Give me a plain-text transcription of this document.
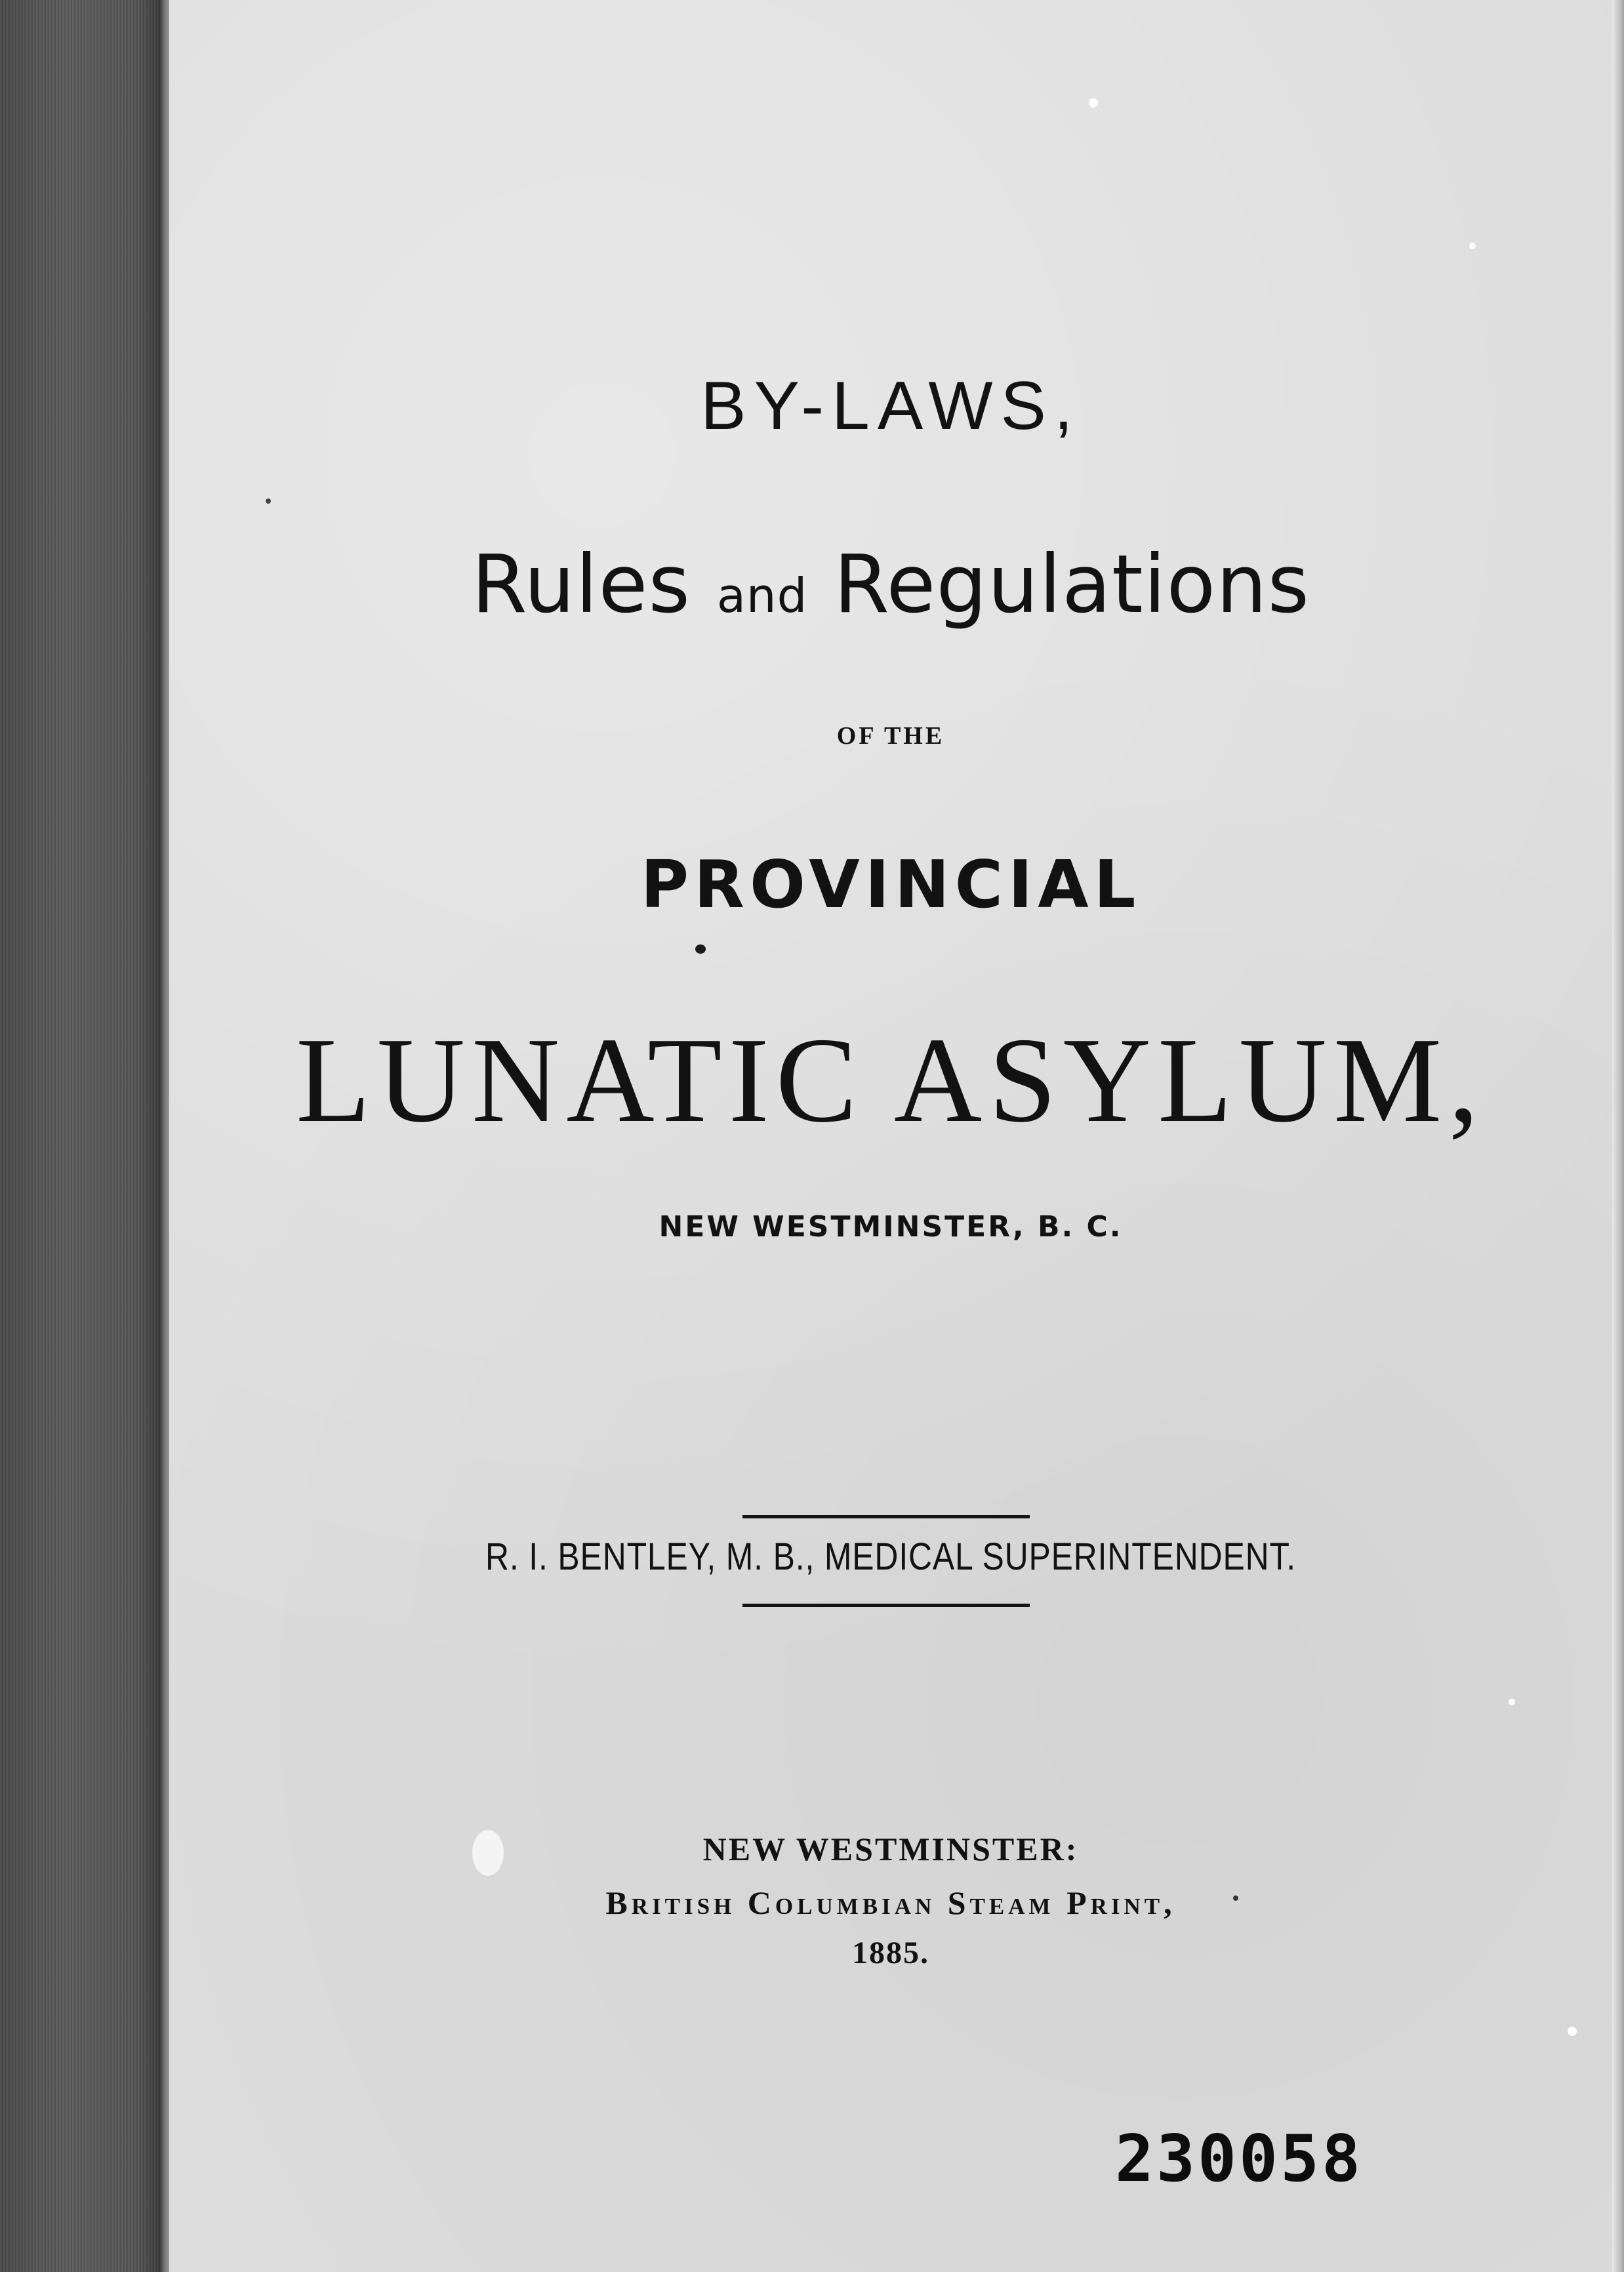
BY-LAWS,
Rules and Regulations
OF THE
PROVINCIAL
LUNATIC ASYLUM,
NEW WESTMINSTER, B. C.
R. I. BENTLEY, M. B., MEDICAL SUPERINTENDENT.
NEW WESTMINSTER:
British Columbian Steam Print,
1885.
230058
